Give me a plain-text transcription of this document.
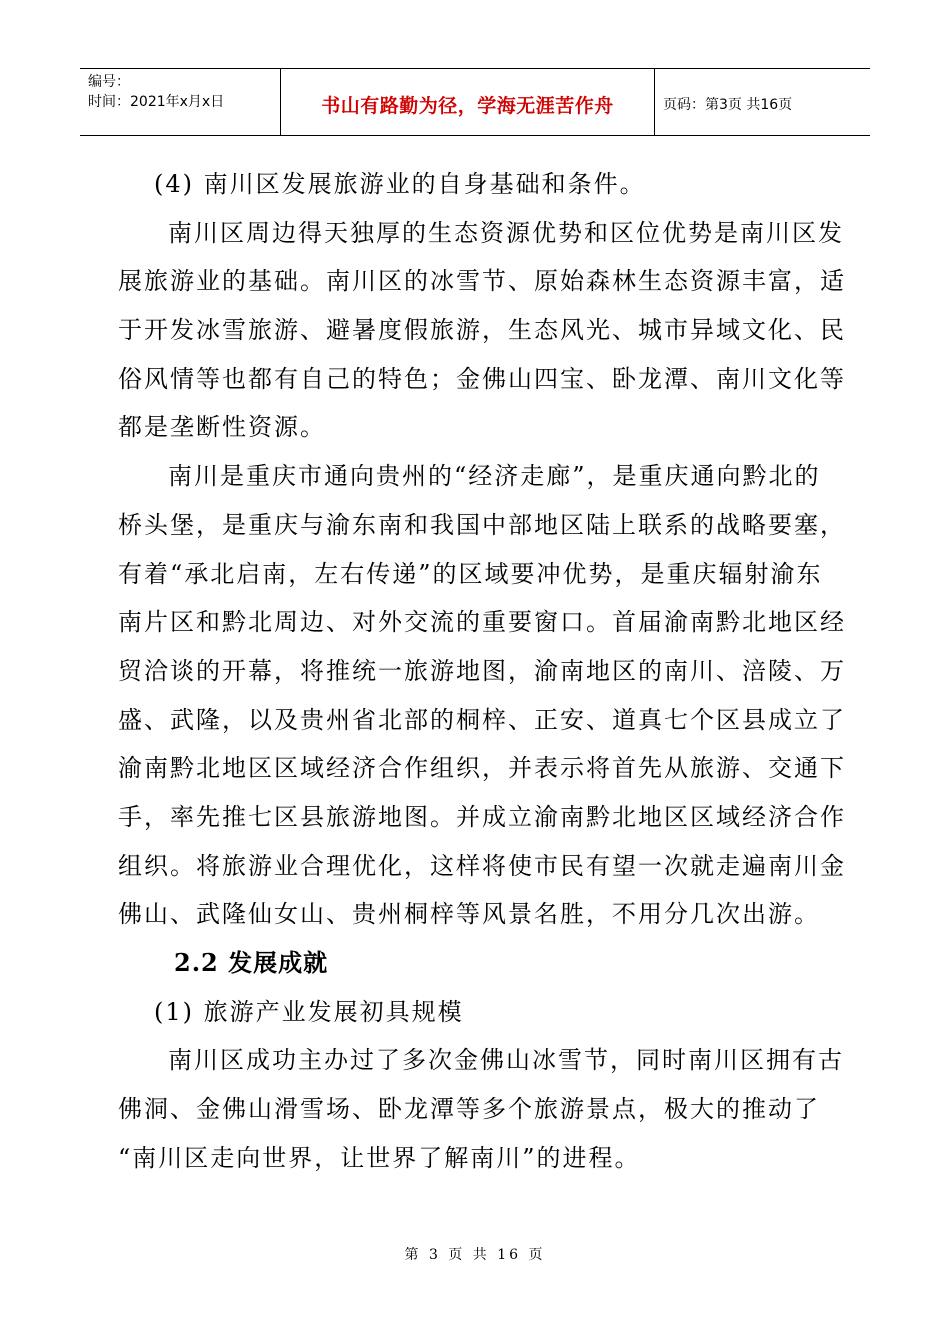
编号：
时间：2021年x月x日	书山有路勤为径，学海无涯苦作舟	页码：第3页 共16页
(4) 南川区发展旅游业的自身基础和条件。
南川区周边得天独厚的生态资源优势和区位优势是南川区发
展旅游业的基础。南川区的冰雪节、原始森林生态资源丰富，适
于开发冰雪旅游、避暑度假旅游，生态风光、城市异域文化、民
俗风情等也都有自己的特色；金佛山四宝、卧龙潭、南川文化等
都是垄断性资源。
南川是重庆市通向贵州的“经济走廊”，是重庆通向黔北的
桥头堡，是重庆与渝东南和我国中部地区陆上联系的战略要塞，
有着“承北启南，左右传递”的区域要冲优势，是重庆辐射渝东
南片区和黔北周边、对外交流的重要窗口。首届渝南黔北地区经
贸洽谈的开幕，将推统一旅游地图，渝南地区的南川、涪陵、万
盛、武隆，以及贵州省北部的桐梓、正安、道真七个区县成立了
渝南黔北地区区域经济合作组织，并表示将首先从旅游、交通下
手，率先推七区县旅游地图。并成立渝南黔北地区区域经济合作
组织。将旅游业合理优化，这样将使市民有望一次就走遍南川金
佛山、武隆仙女山、贵州桐梓等风景名胜，不用分几次出游。
2.2 发展成就
(1) 旅游产业发展初具规模
南川区成功主办过了多次金佛山冰雪节，同时南川区拥有古
佛洞、金佛山滑雪场、卧龙潭等多个旅游景点，极大的推动了
“南川区走向世界，让世界了解南川”的进程。
第 3 页 共 16 页
